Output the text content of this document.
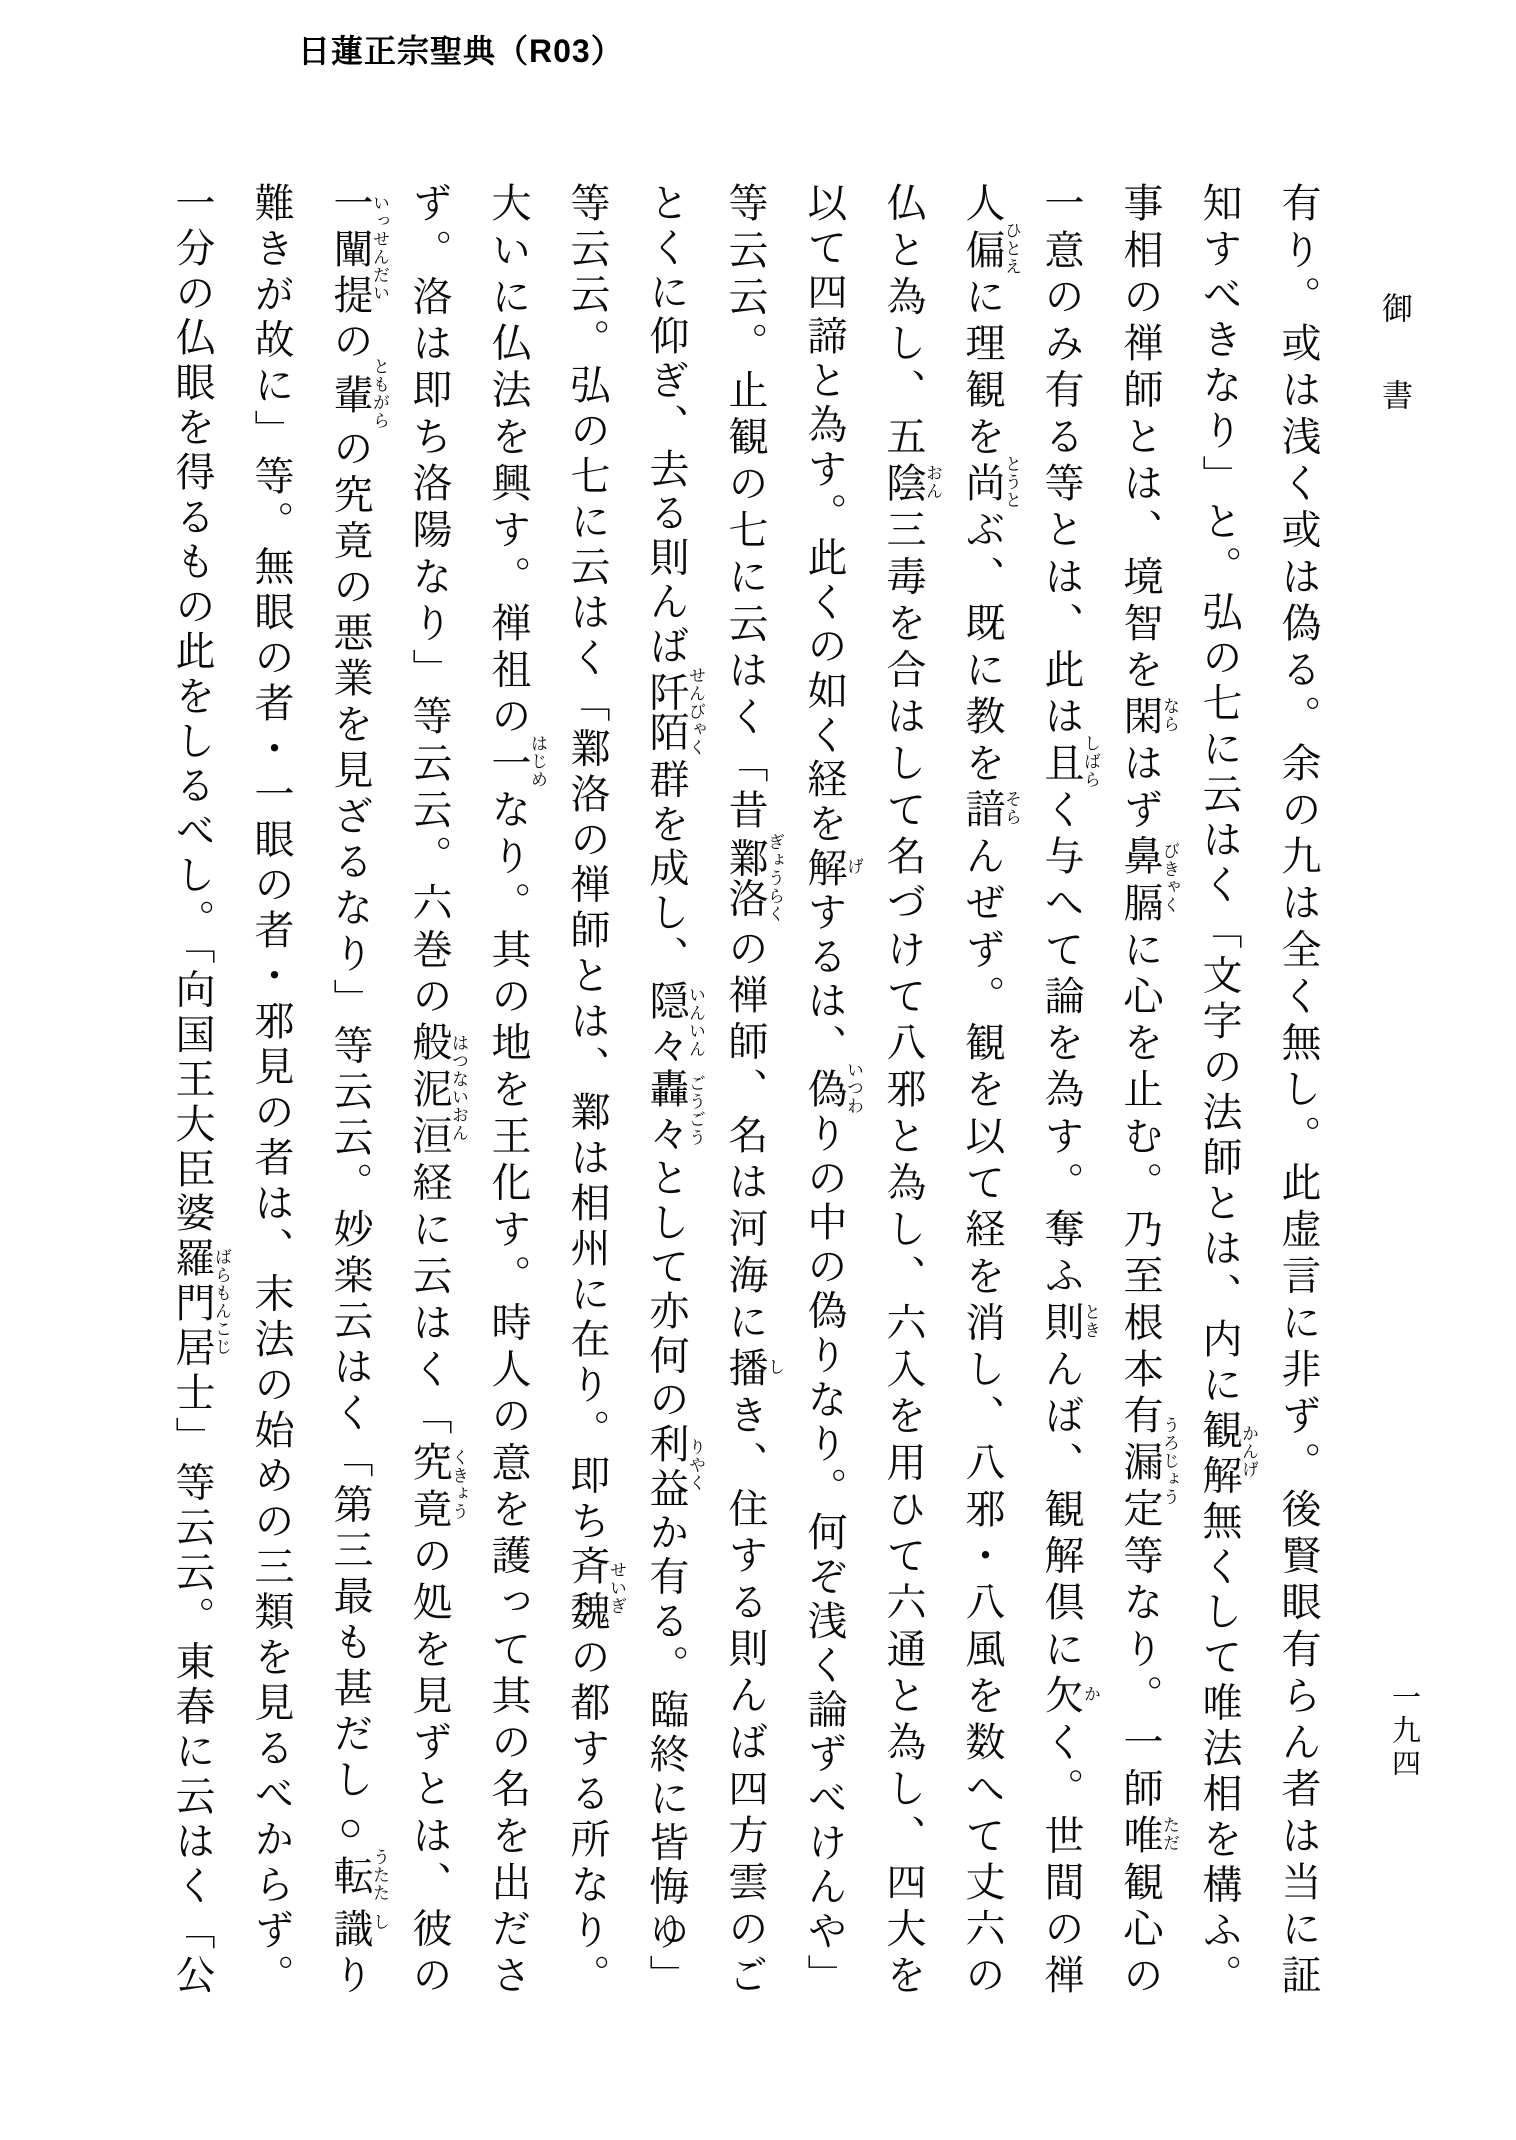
日蓮正宗聖典（R03）
御書

有り。或は浅く或は偽る。余の九は全く無し。此虚言に非ず。後賢眼有らん者は当に証

知すべきなり」と。弘の七に云はく「文字の法師とは、内に観解かんげ無くして唯法相を構ふ。

事相の禅師とは、境智を閑ならはず鼻膈びきゃくに心を止む。乃至根本有漏定うろじょう等なり。一師唯ただ観心の

一意のみ有る等とは、此は且しばらく与へて論を為す。奪ふ則ときんば、観解倶に欠かく。世間の禅

人偏ひとえに理観を尚とうとぶ、既に教を諳そらんぜず。観を以て経を消し、八邪・八風を数へて丈六の

仏と為し、五陰おん三毒を合はして名づけて八邪と為し、六入を用ひて六通と為し、四大を

以て四諦と為す。此くの如く経を解げするは、偽いつわりの中の偽りなり。何ぞ浅く論ずべけんや」

等云云。止観の七に云はく「昔鄴洛ぎょうらくの禅師、名は河海に播しき、住する則んば四方雲のご

とくに仰ぎ、去る則んば阡陌せんびゃく群を成し、隠々いんいん轟々ごうごうとして亦何の利益りやくか有る。臨終に皆悔ゆ」

等云云。弘の七に云はく「鄴洛の禅師とは、鄴は相州に在り。即ち斉魏せいぎの都する所なり。

大いに仏法を興す。禅祖の一はじめなり。其の地を王化す。時人の意を護って其の名を出ださ

ず。洛は即ち洛陽なり」等云云。六巻の般泥洹はつないおん経に云はく「究竟くきょうの処を見ずとは、彼の

一闡提いっせんだいの輩ともがらの究竟の悪業を見ざるなり」等云云。妙楽云はく「第三最も甚だし○転うたた識しり

難きが故に」等。無眼の者・一眼の者・邪見の者は、末法の始めの三類を見るべからず。

一分の仏眼を得るもの此をしるべし。「向国王大臣婆羅門居士ばらもんこじ」等云云。東春に云はく「公	一九四
